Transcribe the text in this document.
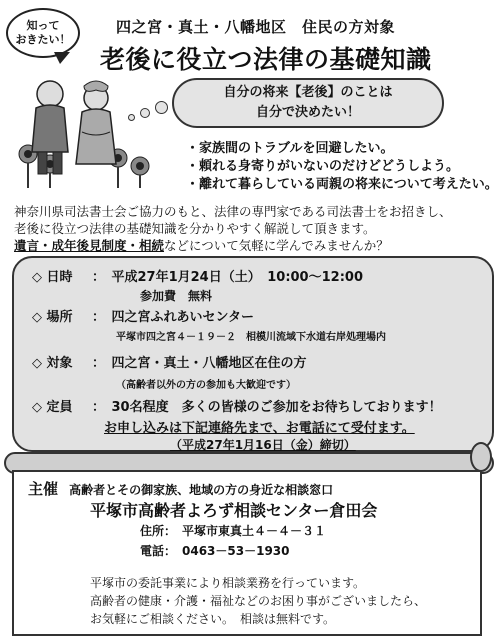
知って
おきたい！
四之宮・真土・八幡地区　住民の方対象
老後に役立つ法律の基礎知識
自分の将来【老後】のことは
自分で決めたい！
・家族間のトラブルを回避したい。
・頼れる身寄りがいないのだけどどうしよう。
・離れて暮らしている両親の将来について考えたい。
神奈川県司法書士会ご協力のもと、法律の専門家である司法書士をお招きし、
老後に役立つ法律の基礎知識を分かりやすく解説して頂きます。
遺言・成年後見制度・相続などについて気軽に学んでみませんか？
◇ 日時 ：　平成27年1月24日（土）　10:00～12:00
参加費　無料
◇ 場所 ：　四之宮ふれあいセンター
平塚市四之宮４－１９－２　相模川流域下水道右岸処理場内
◇ 対象 ：　四之宮・真土・八幡地区在住の方
（高齢者以外の方の参加も大歓迎です）
◇ 定員 ：　30名程度　多くの皆様のご参加をお待ちしております！
お申し込みは下記連絡先まで、お電話にて受付ます。
（平成27年1月16日（金）締切）
主催 高齢者とその御家族、地域の方の身近な相談窓口
平塚市高齢者よろず相談センター倉田会
住所：　平塚市東真土４－４－３１
電話：　0463－53－1930
平塚市の委託事業により相談業務を行っています。
高齢者の健康・介護・福祉などのお困り事がございましたら、
お気軽にご相談ください。　相談は無料です。
